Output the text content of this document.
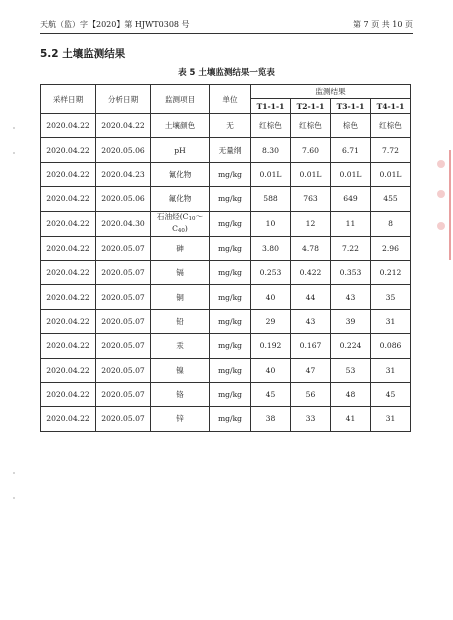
天航（监）字【2020】第 HJWT0308 号	第 7 页 共 10 页
5.2 土壤监测结果
表 5 土壤监测结果一览表
采样日期	分析日期	监测项目	单位	监测结果			
				T1-1-1	T2-1-1	T3-1-1	T4-1-1
2020.04.22	2020.04.22	土壤颜色	无	红棕色	红棕色	棕色	红棕色
2020.04.22	2020.05.06	pH	无量纲	8.30	7.60	6.71	7.72
2020.04.22	2020.04.23	氰化物	mg/kg	0.01L	0.01L	0.01L	0.01L
2020.04.22	2020.05.06	氟化物	mg/kg	588	763	649	455
2020.04.22	2020.04.30	石油烃(C10～C40)	mg/kg	10	12	11	8
2020.04.22	2020.05.07	砷	mg/kg	3.80	4.78	7.22	2.96
2020.04.22	2020.05.07	镉	mg/kg	0.253	0.422	0.353	0.212
2020.04.22	2020.05.07	铜	mg/kg	40	44	43	35
2020.04.22	2020.05.07	铅	mg/kg	29	43	39	31
2020.04.22	2020.05.07	汞	mg/kg	0.192	0.167	0.224	0.086
2020.04.22	2020.05.07	镍	mg/kg	40	47	53	31
2020.04.22	2020.05.07	铬	mg/kg	45	56	48	45
2020.04.22	2020.05.07	锌	mg/kg	38	33	41	31
